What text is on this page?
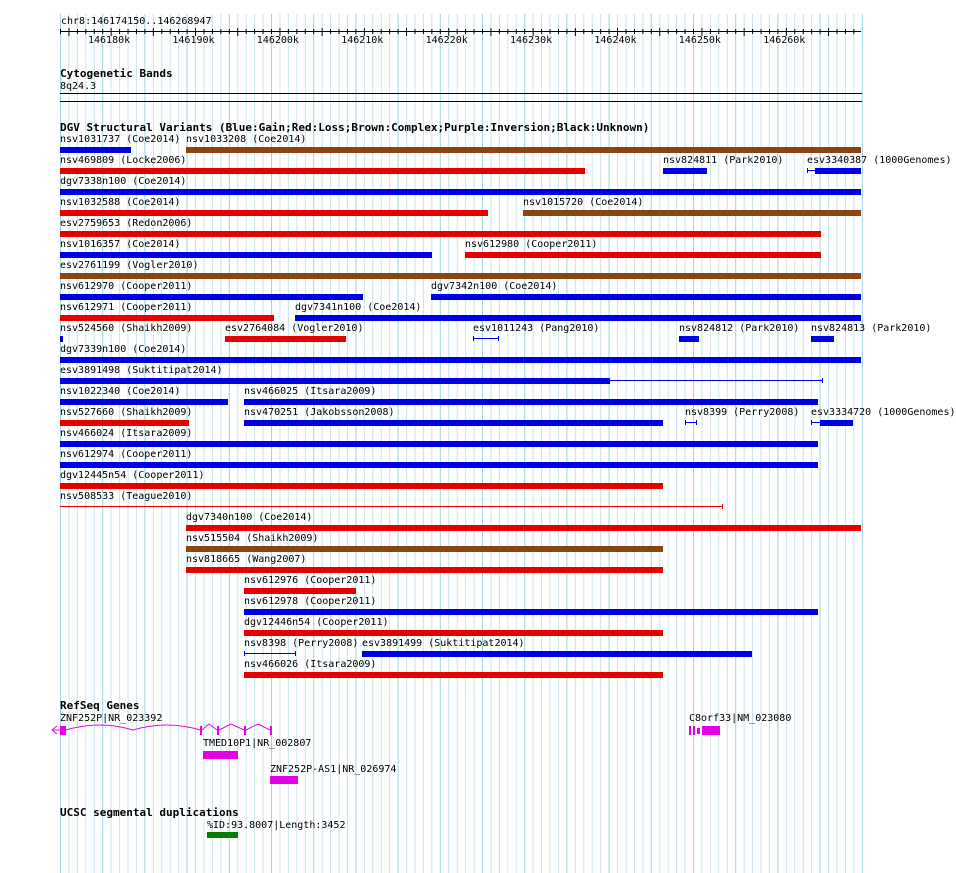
chr8:146174150..146268947
146180k	146190k	146200k	146210k	146220k	146230k	146240k	146250k	146260k
Cytogenetic Bands
8q24.3
DGV Structural Variants (Blue:Gain;Red:Loss;Brown:Complex;Purple:Inversion;Black:Unknown)
nsv1031737 (Coe2014) nsv1033208 (Coe2014)
nsv469809 (Locke2006)	nsv824811 (Park2010) esv3340387 (1000Genomes)
dgv7338n100 (Coe2014)
nsv1032588 (Coe2014)	nsv1015720 (Coe2014)
esv2759653 (Redon2006)
nsv1016357 (Coe2014)	nsv612980 (Cooper2011)
esv2761199 (Vogler2010)
nsv612970 (Cooper2011)	dgv7342n100 (Coe2014)
nsv612971 (Cooper2011)	dgv7341n100 (Coe2014)
nsv524560 (Shaikh2009)	esv2764084 (Vogler2010)	esv1011243 (Pang2010)	nsv824812 (Park2010) nsv824813 (Park2010)
dgv7339n100 (Coe2014)
esv3891498 (Suktitipat2014)
nsv1022340 (Coe2014)	nsv466025 (Itsara2009)
nsv527660 (Shaikh2009)	nsv470251 (Jakobsson2008)	nsv8399 (Perry2008) esv3334720 (1000Genomes)
nsv466024 (Itsara2009)
nsv612974 (Cooper2011)
dgv12445n54 (Cooper2011)
nsv508533 (Teague2010)
dgv7340n100 (Coe2014)
nsv515504 (Shaikh2009)
nsv818665 (Wang2007)
nsv612976 (Cooper2011)
nsv612978 (Cooper2011)
dgv12446n54 (Cooper2011)
nsv8398 (Perry2008) esv3891499 (Suktitipat2014)
nsv466026 (Itsara2009)
RefSeq Genes
ZNF252P|NR_023392
TMED10P1|NR_002807
ZNF252P-AS1|NR_026974
C8orf33|NM_023080
UCSC segmental duplications
%ID:93.8007|Length:3452
